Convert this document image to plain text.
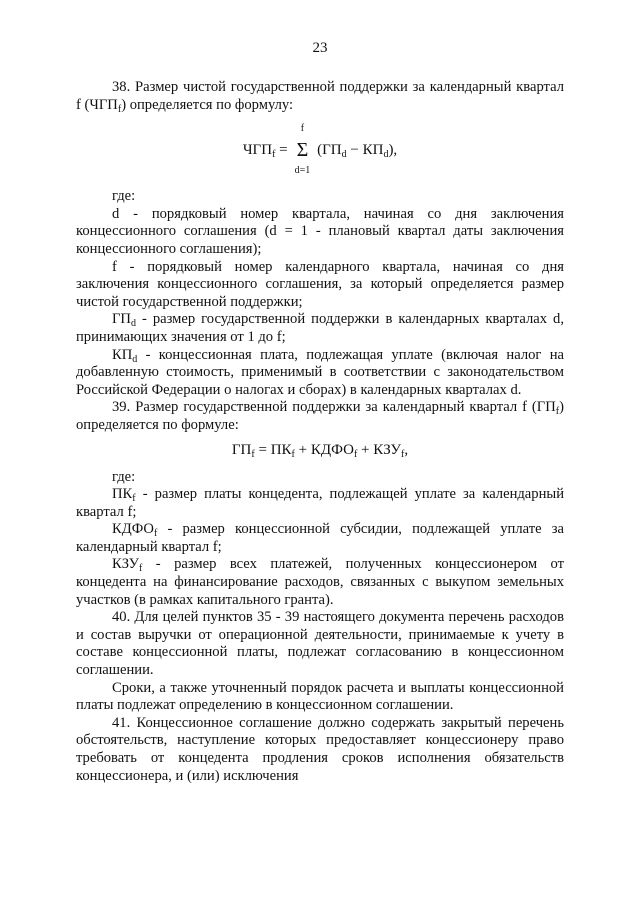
23

38. Размер чистой государственной поддержки за календарный квартал f $(ЧГП_f)$ определяется по формулу:

$ЧГП_f$ =
f
Σ
d=1
$(ГП_d - КП_d)$,

где:

d - порядковый номер квартала, начиная со дня заключения концессионного соглашения (d = 1 - плановый квартал даты заключения концессионного соглашения);

f - порядковый номер календарного квартала, начиная со дня заключения концессионного соглашения, за который определяется размер чистой государственной поддержки;

$ГП_d$ - размер государственной поддержки в календарных кварталах d, принимающих значения от 1 до f;

$КП_d$ - концессионная плата, подлежащая уплате (включая налог на добавленную стоимость, применимый в соответствии с законодательством Российской Федерации о налогах и сборах) в календарных кварталах d.

39. Размер государственной поддержки за календарный квартал f $(ГП_f)$ определяется по формуле:

$ГП_f = ПК_f$ + $КДФО_f + КЗУ_f$,

где:

$ПК_f$ - размер платы концедента, подлежащей уплате за календарный квартал f;

$КДФО_f$ - размер концессионной субсидии, подлежащей уплате за календарный квартал f;

$КЗУ_f$ - размер всех платежей, полученных концессионером от концедента на финансирование расходов, связанных с выкупом земельных участков (в рамках капитального гранта).

40. Для целей пунктов 35 - 39 настоящего документа перечень расходов и состав выручки от операционной деятельности, принимаемые к учету в составе концессионной платы, подлежат согласованию в концессионном соглашении.

Сроки, а также уточненный порядок расчета и выплаты концессионной платы подлежат определению в концессионном соглашении.

41. Концессионное соглашение должно содержать закрытый перечень обстоятельств, наступление которых предоставляет концессионеру право требовать от концедента продления сроков исполнения обязательств концессионера, и (или) исключения
